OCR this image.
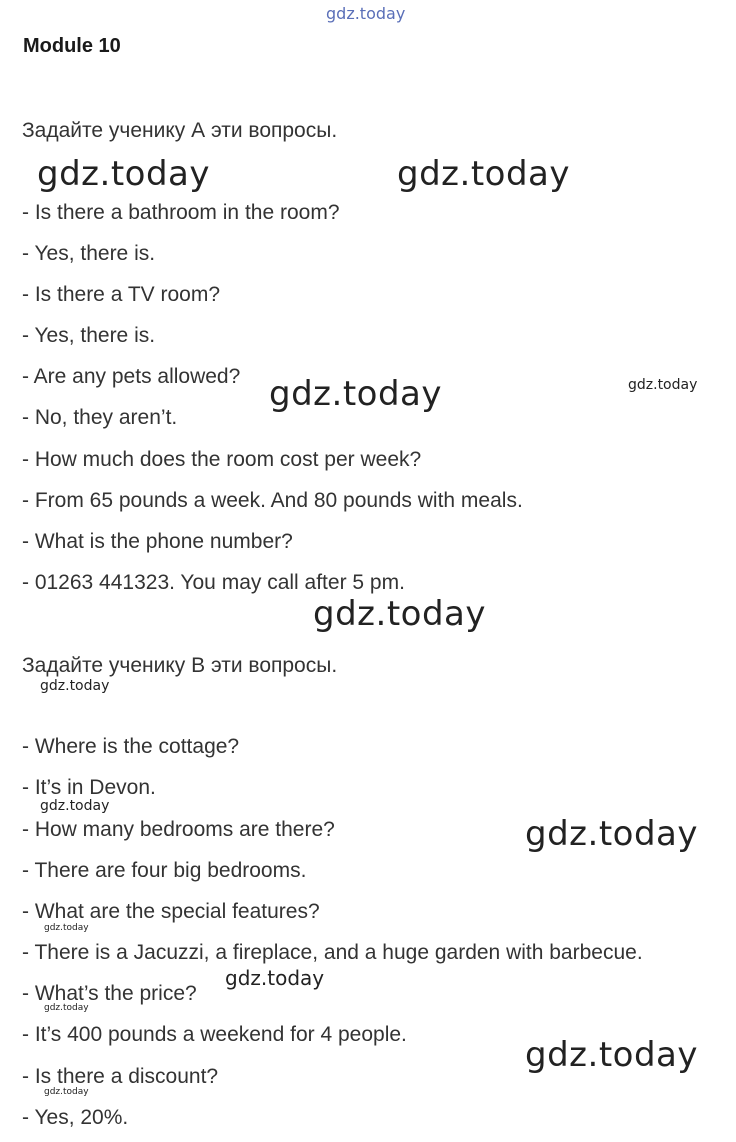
gdz.today
Module 10
Задайте ученику А эти вопросы.
- Is there a bathroom in the room?
- Yes, there is.
- Is there a TV room?
- Yes, there is.
- Are any pets allowed?
- No, they aren’t.
- How much does the room cost per week?
- From 65 pounds a week. And 80 pounds with meals.
- What is the phone number?
- 01263 441323. You may call after 5 pm.
Задайте ученику В эти вопросы.
- Where is the cottage?
- It’s in Devon.
- How many bedrooms are there?
- There are four big bedrooms.
- What are the special features?
- There is a Jacuzzi, a fireplace, and a huge garden with barbecue.
- What’s the price?
- It’s 400 pounds a weekend for 4 people.
- Is there a discount?
- Yes, 20%.
gdz.today	gdz.today
gdz.today	gdz.today
gdz.today
gdz.today
gdz.today
gdz.today
gdz.today
gdz.today
gdz.today
gdz.today
gdz.today
